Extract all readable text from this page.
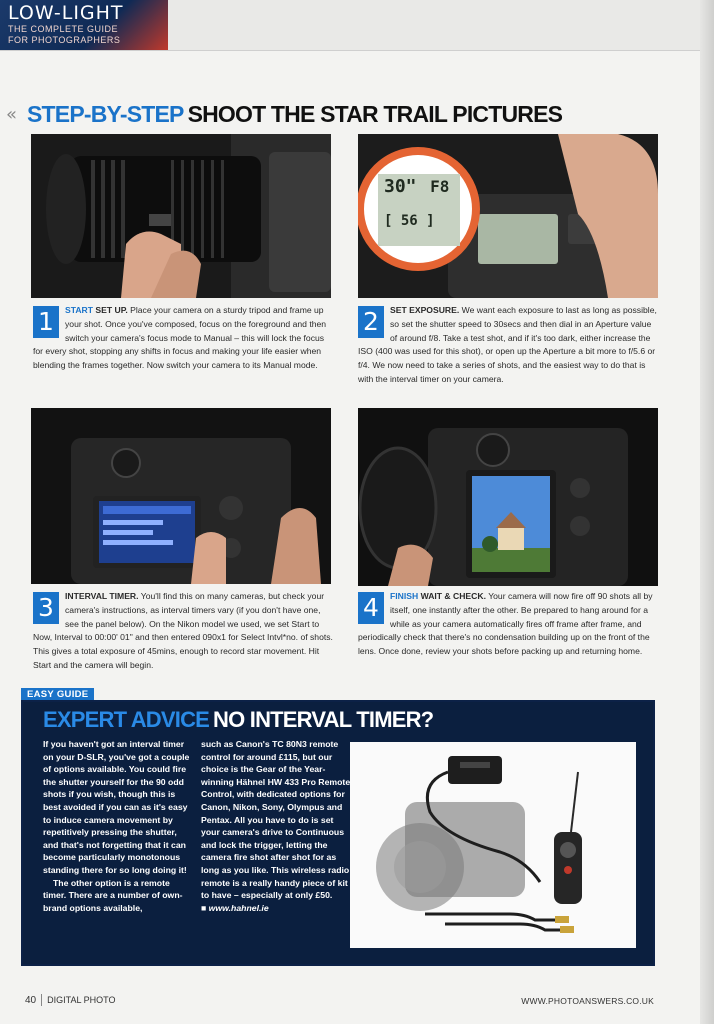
LOW-LIGHT
THE COMPLETE GUIDE
FOR PHOTOGRAPHERS
« STEP-BY-STEP SHOOT THE STAR TRAIL PICTURES
30" F8
[ 56 ]
1	START SET UP. Place your camera on a sturdy tripod and frame up your shot. Once you've composed, focus on the foreground and then switch your camera's focus mode to Manual – this will lock the focus for every shot, stopping any shifts in focus and making your life easier when blending the frames together. Now switch your camera to its Manual mode.
2	SET EXPOSURE. We want each exposure to last as long as possible, so set the shutter speed to 30secs and then dial in an Aperture value of around f/8. Take a test shot, and if it's too dark, either increase the ISO (400 was used for this shot), or open up the Aperture a bit more to f/5.6 or f/4. We now need to take a series of shots, and the easiest way to do that is with the interval timer on your camera.
3	INTERVAL TIMER. You'll find this on many cameras, but check your camera's instructions, as interval timers vary (if you don't have one, see the panel below). On the Nikon model we used, we set Start to Now, Interval to 00:00' 01" and then entered 090x1 for Select Intvl*no. of shots. This gives a total exposure of 45mins, enough to record star movement. Hit Start and the camera will begin.
4	FINISH WAIT & CHECK. Your camera will now fire off 90 shots all by itself, one instantly after the other. Be prepared to hang around for a while as your camera automatically fires off frame after frame, and periodically check that there's no condensation building up on the front of the lens. Once done, review your shots before packing up and returning home.
EASY GUIDE
EXPERT ADVICE NO INTERVAL TIMER?
If you haven't got an interval timer on your D-SLR, you've got a couple of options available. You could fire the shutter yourself for the 90 odd shots if you wish, though this is best avoided if you can as it's easy to induce camera movement by repetitively pressing the shutter, and that's not forgetting that it can become particularly monotonous standing there for so long doing it!
The other option is a remote timer. There are a number of own-brand options available,
such as Canon's TC 80N3 remote control for around £115, but our choice is the Gear of the Year-winning Hähnel HW 433 Pro Remote Control, with dedicated options for Canon, Nikon, Sony, Olympus and Pentax. All you have to do is set your camera's drive to Continuous and lock the trigger, letting the camera fire shot after shot for as long as you like. This wireless radio remote is a really handy piece of kit to have – especially at only £50.
■ www.hahnel.ie
40 DIGITAL PHOTO	WWW.PHOTOANSWERS.CO.UK
